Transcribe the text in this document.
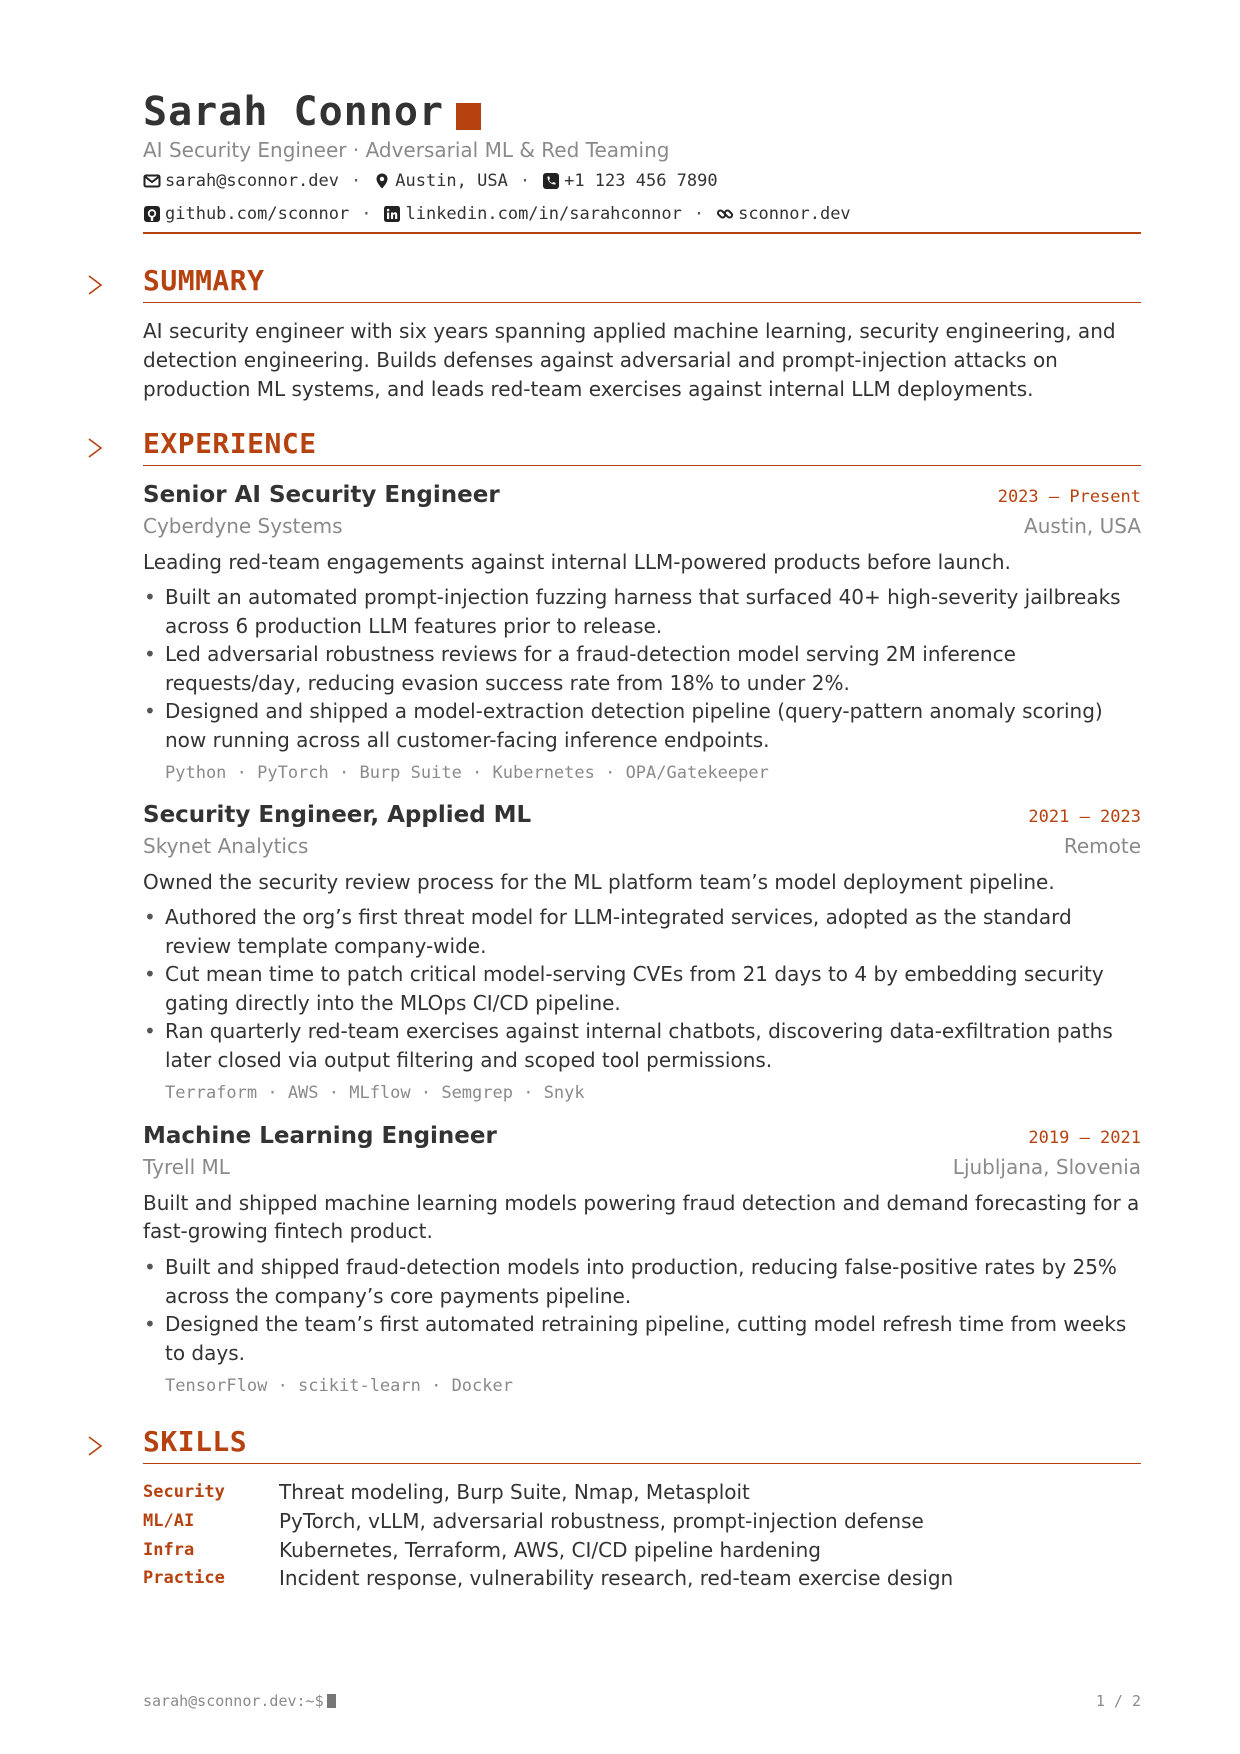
Sarah Connor
AI Security Engineer · Adversarial ML & Red Teaming
sarah@sconnor.dev · Austin, USA · +1 123 456 7890
github.com/sconnor · linkedin.com/in/sarahconnor · sconnor.dev
SUMMARY
AI security engineer with six years spanning applied machine learning, security engineering, and detection engineering. Builds defenses against adversarial and prompt-injection attacks on production ML systems, and leads red-team exercises against internal LLM deployments.
EXPERIENCE
Senior AI Security Engineer	2023 – Present
Cyberdyne Systems	Austin, USA
Leading red-team engagements against internal LLM-powered products before launch.
• Built an automated prompt-injection fuzzing harness that surfaced 40+ high-severity jailbreaks across 6 production LLM features prior to release.
• Led adversarial robustness reviews for a fraud-detection model serving 2M inference requests/day, reducing evasion success rate from 18% to under 2%.
• Designed and shipped a model-extraction detection pipeline (query-pattern anomaly scoring) now running across all customer-facing inference endpoints.
Python · PyTorch · Burp Suite · Kubernetes · OPA/Gatekeeper
Security Engineer, Applied ML	2021 – 2023
Skynet Analytics	Remote
Owned the security review process for the ML platform team’s model deployment pipeline.
• Authored the org’s first threat model for LLM-integrated services, adopted as the standard review template company-wide.
• Cut mean time to patch critical model-serving CVEs from 21 days to 4 by embedding security gating directly into the MLOps CI/CD pipeline.
• Ran quarterly red-team exercises against internal chatbots, discovering data-exfiltration paths later closed via output filtering and scoped tool permissions.
Terraform · AWS · MLflow · Semgrep · Snyk
Machine Learning Engineer	2019 – 2021
Tyrell ML	Ljubljana, Slovenia
Built and shipped machine learning models powering fraud detection and demand forecasting for a fast-growing fintech product.
• Built and shipped fraud-detection models into production, reducing false-positive rates by 25% across the company’s core payments pipeline.
• Designed the team’s first automated retraining pipeline, cutting model refresh time from weeks to days.
TensorFlow · scikit-learn · Docker
SKILLS
Security	Threat modeling, Burp Suite, Nmap, Metasploit
ML/AI	PyTorch, vLLM, adversarial robustness, prompt-injection defense
Infra	Kubernetes, Terraform, AWS, CI/CD pipeline hardening
Practice	Incident response, vulnerability research, red-team exercise design
sarah@sconnor.dev:~$	1 / 2
